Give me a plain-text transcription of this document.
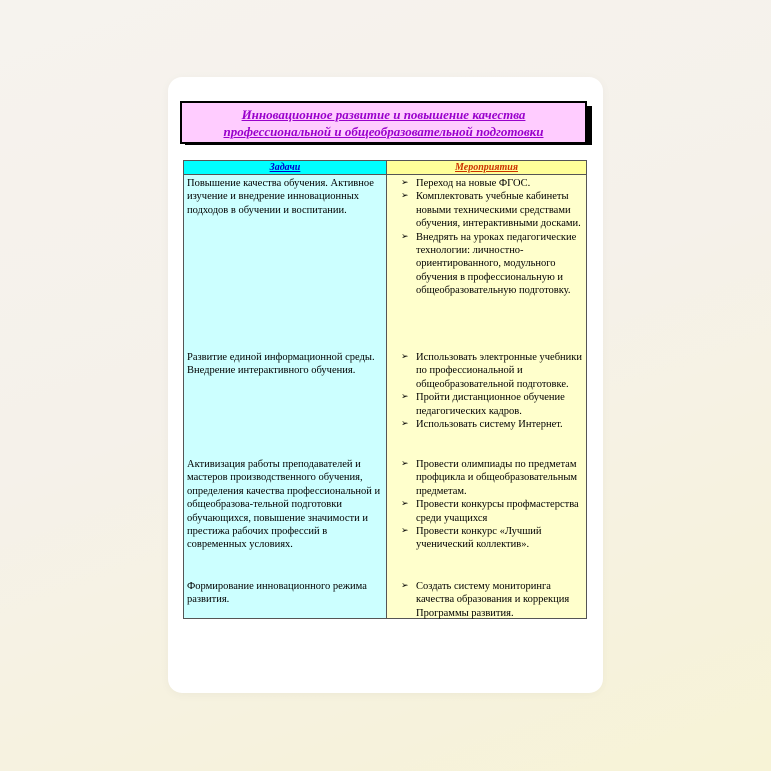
Инновационное развитие и повышение качества
профессиональной и общеобразовательной подготовки
Задачи	Мероприятия
Повышение качества обучения. Активное изучение и внедрение инновационных подходов в обучении и воспитании.
Развитие единой информационной среды. Внедрение интерактивного обучения.
Активизация работы преподавателей и мастеров производственного обучения, определения качества профессиональной и общеобразова-тельной подготовки обучающихся, повышение значимости и престижа рабочих профессий в современных условиях.
Формирование инновационного режима развития.
➢ Переход на новые ФГОС.
➢ Комплектовать учебные кабинеты новыми техническими средствами обучения, интерактивными досками.
➢ Внедрять на уроках педагогические технологии: личностно-ориентированного, модульного обучения в профессиональную и общеобразовательную подготовку.
➢ Использовать электронные учебники по профессиональной и общеобразовательной подготовке.
➢ Пройти дистанционное обучение педагогических кадров.
➢ Использовать систему Интернет.
➢ Провести олимпиады по предметам профцикла и общеобразовательным предметам.
➢ Провести конкурсы профмастерства среди учащихся
➢ Провести конкурс «Лучший ученический коллектив».
➢ Создать систему мониторинга качества образования и коррекция Программы развития.
